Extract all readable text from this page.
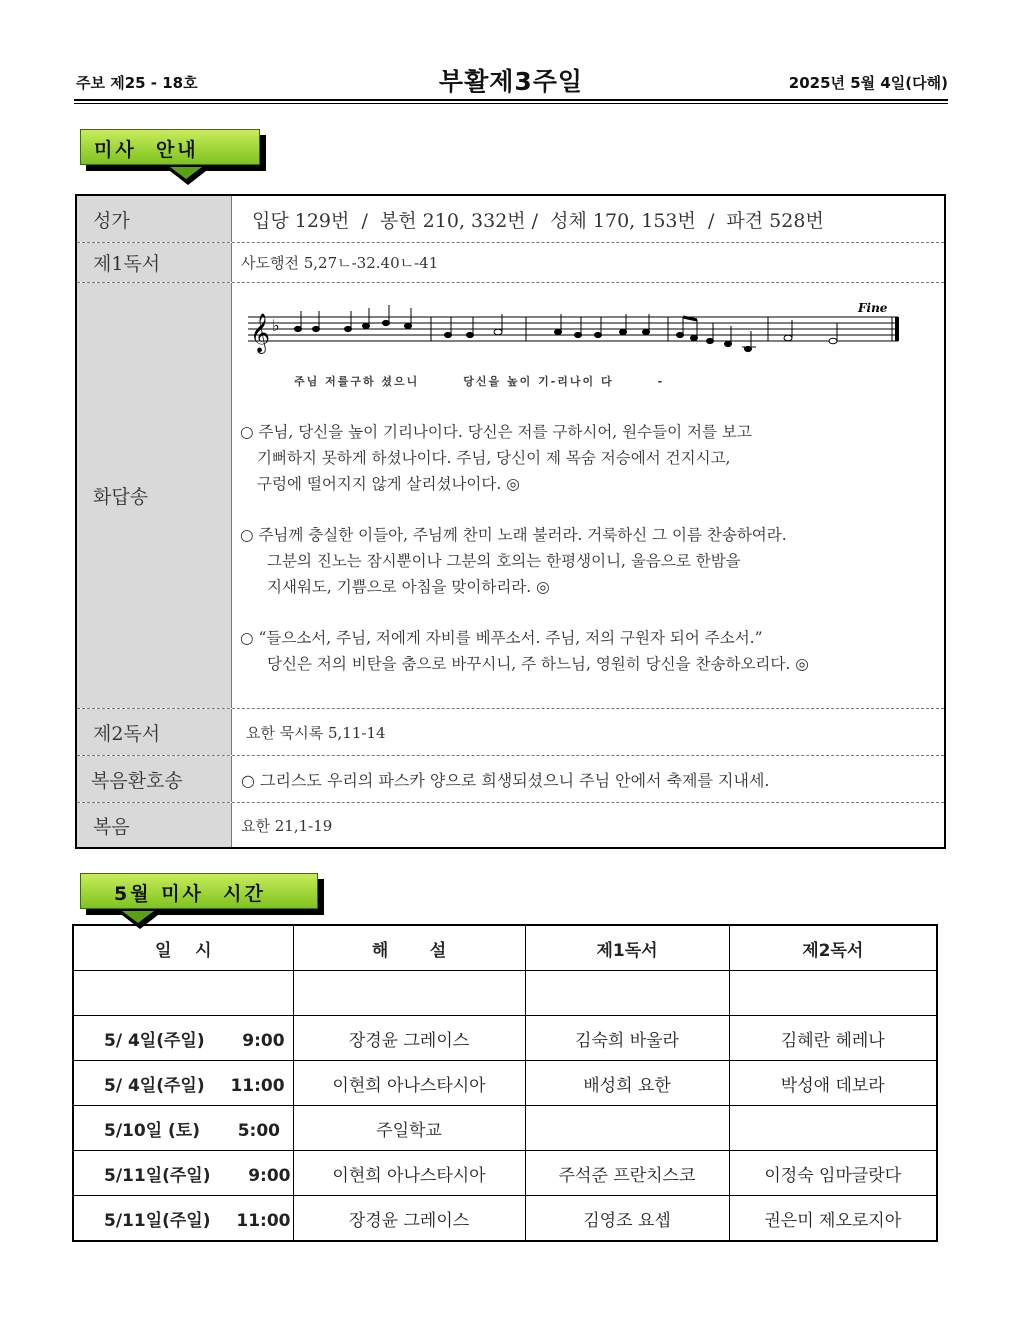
주보 제25 - 18호	부활제3주일	2025년 5월 4일(다해)
미사  안내
성가	입당 129번  /  봉헌 210, 332번 /  성체 170, 153번  /  파견 528번
제1독서	사도행전 5,27ㄴ-32.40ㄴ-41
화답송
𝄞 ♭
Fine
주님 저를구하 셨으니	당신을 높이 기-리나이 다	-

○ 주님, 당신을 높이 기리나이다. 당신은 저를 구하시어, 원수들이 저를 보고
기뻐하지 못하게 하셨나이다. 주님, 당신이 제 목숨 저승에서 건지시고,
구렁에 떨어지지 않게 살리셨나이다. ◎

○ 주님께 충실한 이들아, 주님께 찬미 노래 불러라. 거룩하신 그 이름 찬송하여라.
그분의 진노는 잠시뿐이나 그분의 호의는 한평생이니, 울음으로 한밤을
지새워도, 기쁨으로 아침을 맞이하리라. ◎

○ “들으소서, 주님, 저에게 자비를 베푸소서. 주님, 저의 구원자 되어 주소서.”
당신은 저의 비탄을 춤으로 바꾸시니, 주 하느님, 영원히 당신을 찬송하오리다. ◎

제2독서	요한 묵시록 5,11-14
복음환호송	○ 그리스도 우리의 파스카 양으로 희생되셨으니 주님 안에서 축제를 지내세.
복음	요한 21,1-19
5월 미사  시간
일    시	해       설	제1독서	제2독서

5/ 4일(주일) 9:00	장경윤 그레이스	김숙희 바울라	김혜란 헤레나
5/ 4일(주일) 11:00	이현희 아나스타시아	배성희 요한	박성애 데보라
5/10일 (토) 5:00	주일학교		
5/11일(주일) 9:00	이현희 아나스타시아	주석준 프란치스코	이정숙 임마글랏다
5/11일(주일) 11:00	장경윤 그레이스	김영조 요셉	권은미 제오로지아
